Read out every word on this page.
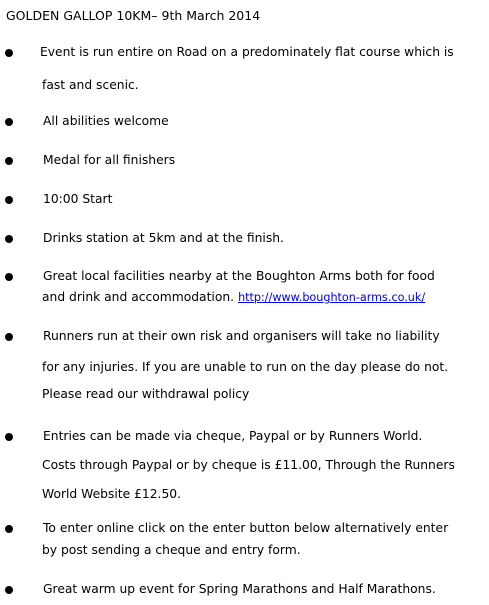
GOLDEN GALLOP 10KM– 9th March 2014
Event is run entire on Road on a predominately flat course which is
fast and scenic.
All abilities welcome
Medal for all finishers
10:00 Start
Drinks station at 5km and at the finish.
Great local facilities nearby at the Boughton Arms both for food
and drink and accommodation. http://www.boughton-arms.co.uk/
Runners run at their own risk and organisers will take no liability
for any injuries. If you are unable to run on the day please do not.
Please read our withdrawal policy
Entries can be made via cheque, Paypal or by Runners World.
Costs through Paypal or by cheque is £11.00, Through the Runners
World Website £12.50.
To enter online click on the enter button below alternatively enter
by post sending a cheque and entry form.
Great warm up event for Spring Marathons and Half Marathons.
